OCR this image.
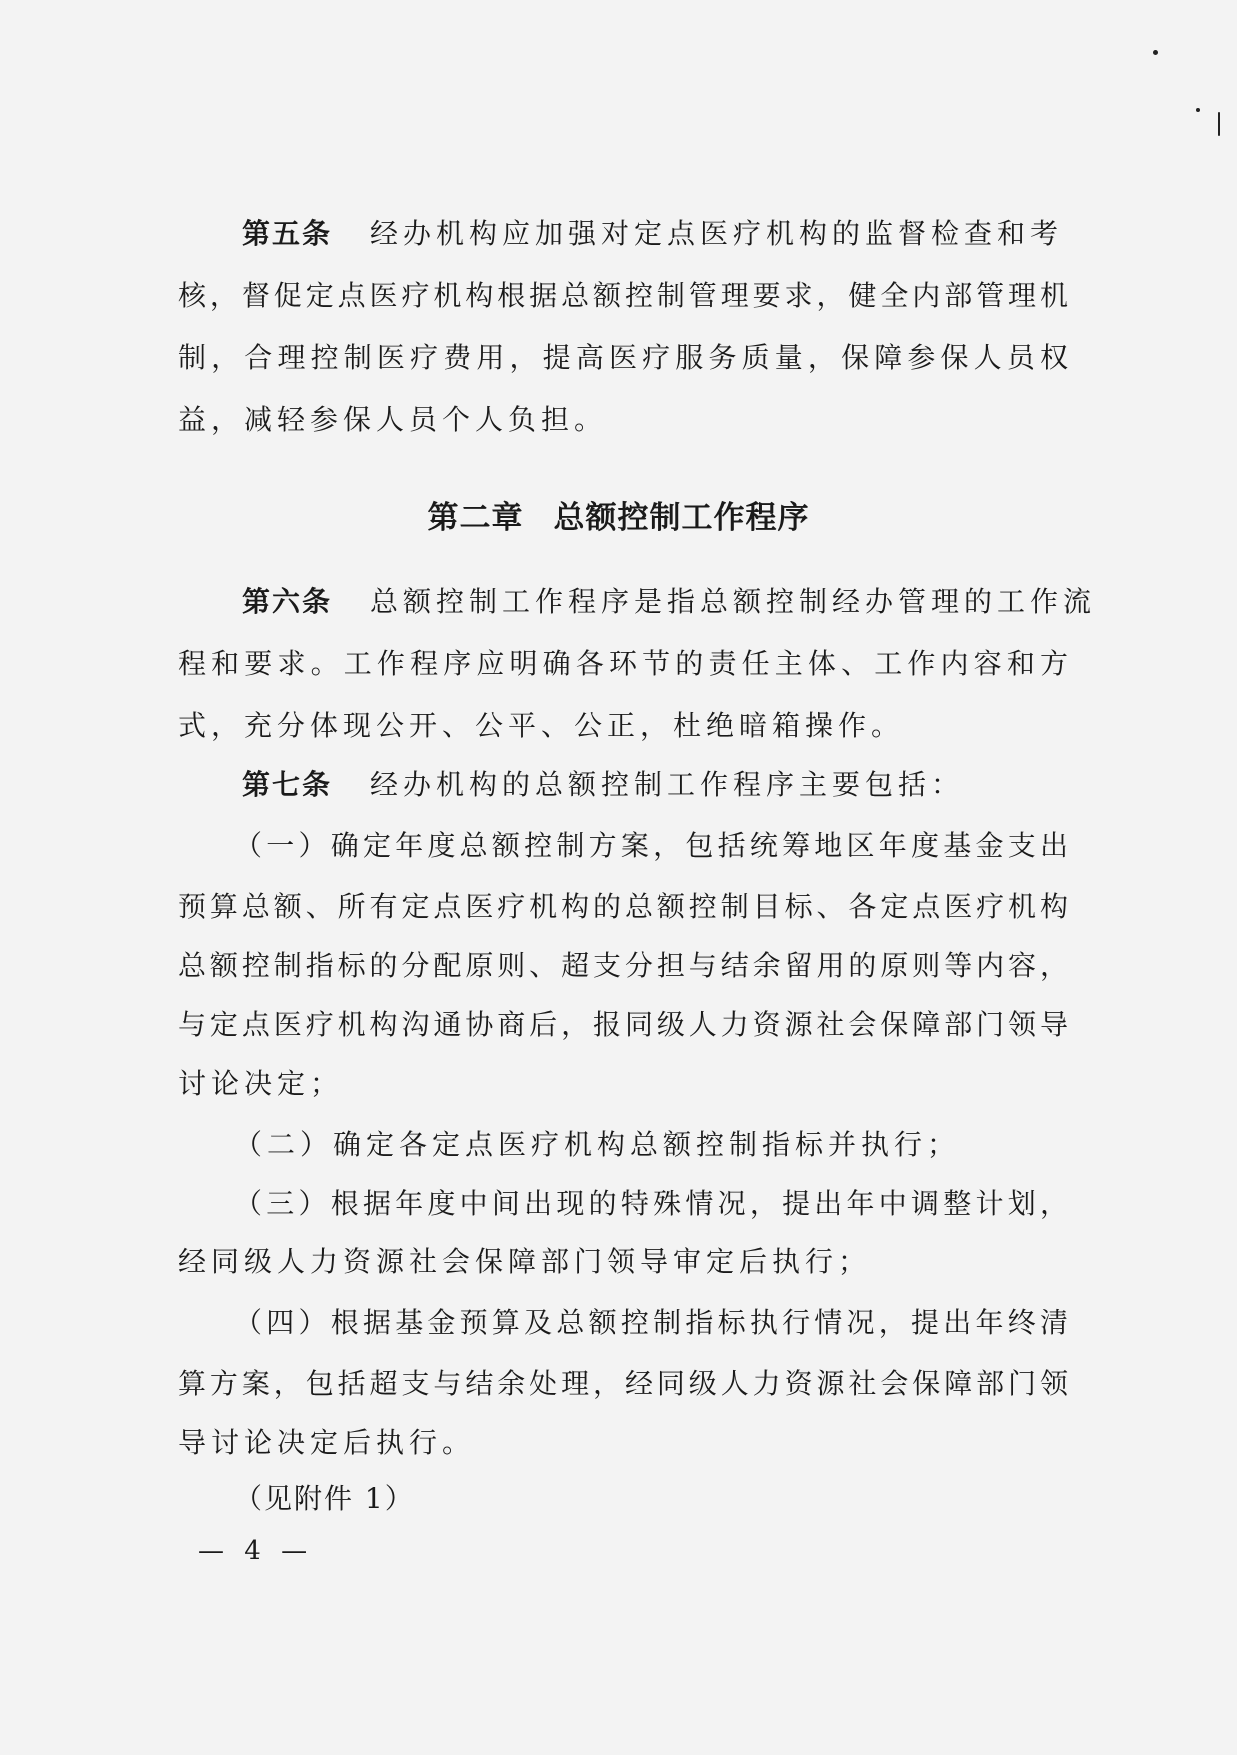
第五条 经办机构应加强对定点医疗机构的监督检查和考
核，督促定点医疗机构根据总额控制管理要求，健全内部管理机
制，合理控制医疗费用，提高医疗服务质量，保障参保人员权
益，减轻参保人员个人负担。
第二章 总额控制工作程序
第六条 总额控制工作程序是指总额控制经办管理的工作流
程和要求。工作程序应明确各环节的责任主体、工作内容和方
式，充分体现公开、公平、公正，杜绝暗箱操作。
第七条 经办机构的总额控制工作程序主要包括：
（一）确定年度总额控制方案，包括统筹地区年度基金支出
预算总额、所有定点医疗机构的总额控制目标、各定点医疗机构
总额控制指标的分配原则、超支分担与结余留用的原则等内容，
与定点医疗机构沟通协商后，报同级人力资源社会保障部门领导
讨论决定；
（二）确定各定点医疗机构总额控制指标并执行；
（三）根据年度中间出现的特殊情况，提出年中调整计划，
经同级人力资源社会保障部门领导审定后执行；
（四）根据基金预算及总额控制指标执行情况，提出年终清
算方案，包括超支与结余处理，经同级人力资源社会保障部门领
导讨论决定后执行。
（见附件 1）
— 4 —
